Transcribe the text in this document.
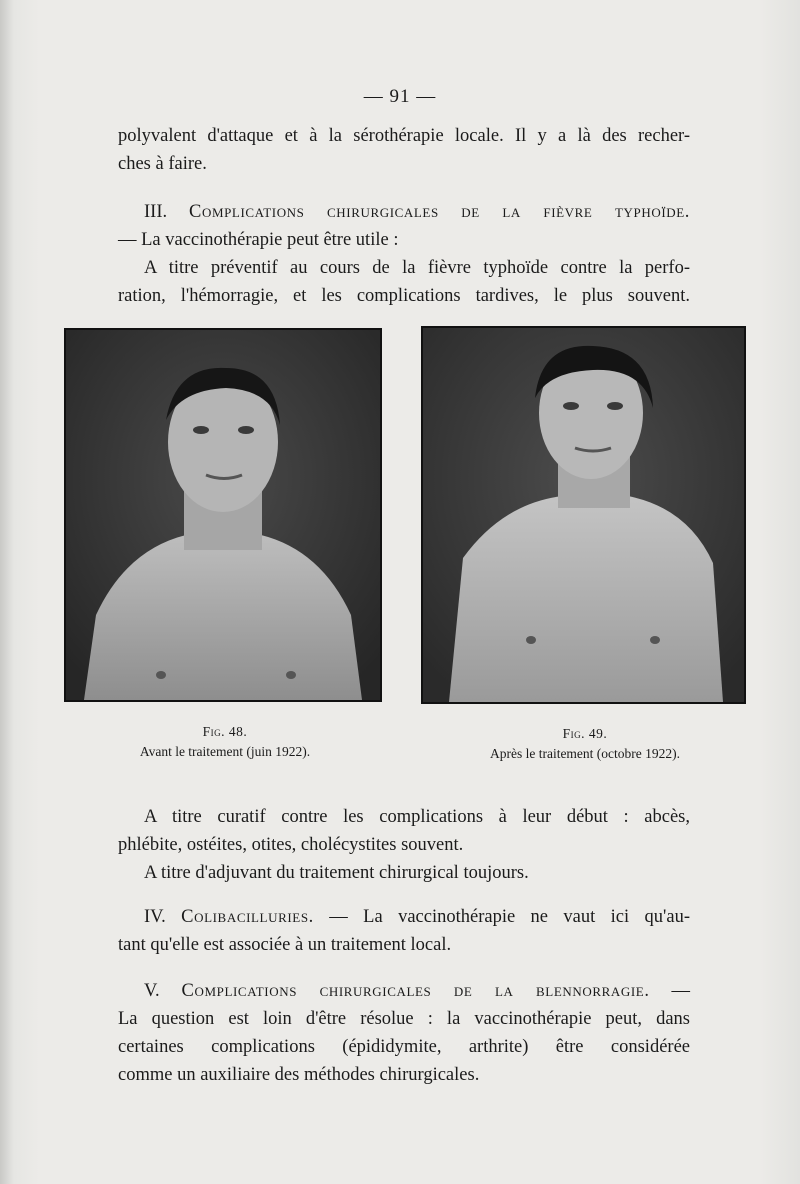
— 91 —
polyvalent d'attaque et à la sérothérapie locale. Il y a là des recher-
ches à faire.
III. Complications chirurgicales de la fièvre typhoïde.
— La vaccinothérapie peut être utile :
A titre préventif au cours de la fièvre typhoïde contre la perfo-
ration, l'hémorragie, et les complications tardives, le plus souvent.
Fig. 48.
Avant le traitement (juin 1922).
Fig. 49.
Après le traitement (octobre 1922).
A titre curatif contre les complications à leur début : abcès,
phlébite, ostéites, otites, cholécystites souvent.
A titre d'adjuvant du traitement chirurgical toujours.
IV. Colibacilluries. — La vaccinothérapie ne vaut ici qu'au-
tant qu'elle est associée à un traitement local.
V. Complications chirurgicales de la blennorragie. —
La question est loin d'être résolue : la vaccinothérapie peut, dans
certaines complications (épididymite, arthrite) être considérée
comme un auxiliaire des méthodes chirurgicales.
